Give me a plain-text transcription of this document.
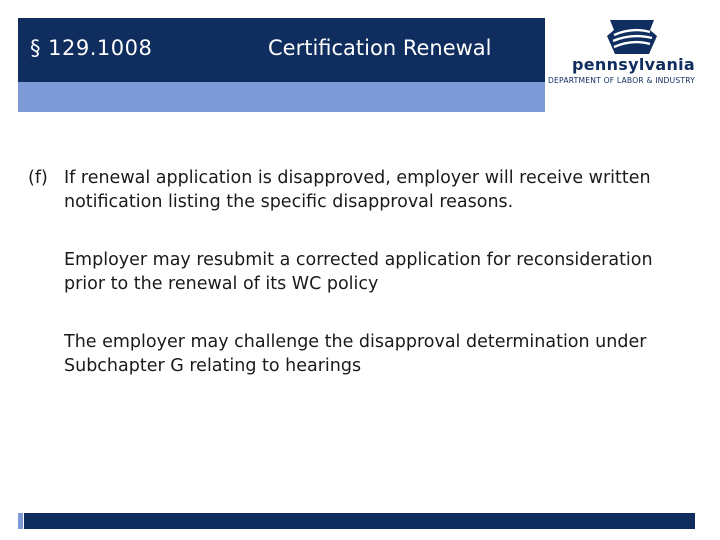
§ 129.1008	Certification Renewal
pennsylvania
DEPARTMENT OF LABOR & INDUSTRY

(f) If renewal application is disapproved, employer will receive written notification listing the specific disapproval reasons.

Employer may resubmit a corrected application for reconsideration prior to the renewal of its WC policy

The employer may challenge the disapproval determination under Subchapter G relating to hearings
